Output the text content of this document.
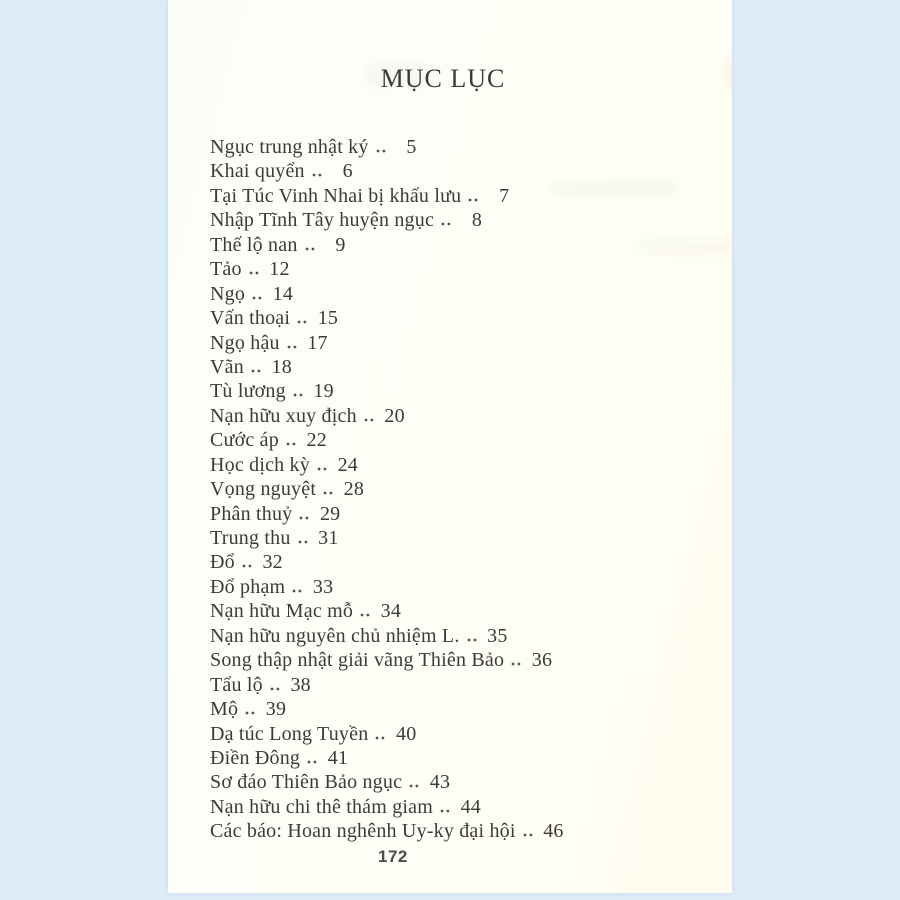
MỤC LỤC
Ngục trung nhật ký	5
Khai quyển	6
Tại Túc Vinh Nhai bị khấu lưu	7
Nhập Tĩnh Tây huyện ngục	8
Thế lộ nan	9
Tảo 12
Ngọ 14
Vấn thoại 15
Ngọ hậu 17
Vãn 18
Tù lương 19
Nạn hữu xuy địch 20
Cước áp 22
Học dịch kỳ 24
Vọng nguyệt 28
Phân thuỷ 29
Trung thu 31
Đổ 32
Đổ phạm 33
Nạn hữu Mạc mỗ 34
Nạn hữu nguyên chủ nhiệm L. 35
Song thập nhật giải vãng Thiên Bảo 36
Tẩu lộ 38
Mộ 39
Dạ túc Long Tuyền 40
Điền Đông 41
Sơ đáo Thiên Bảo ngục 43
Nạn hữu chi thê thám giam 44
Các báo: Hoan nghênh Uy-ky đại hội 46
172
